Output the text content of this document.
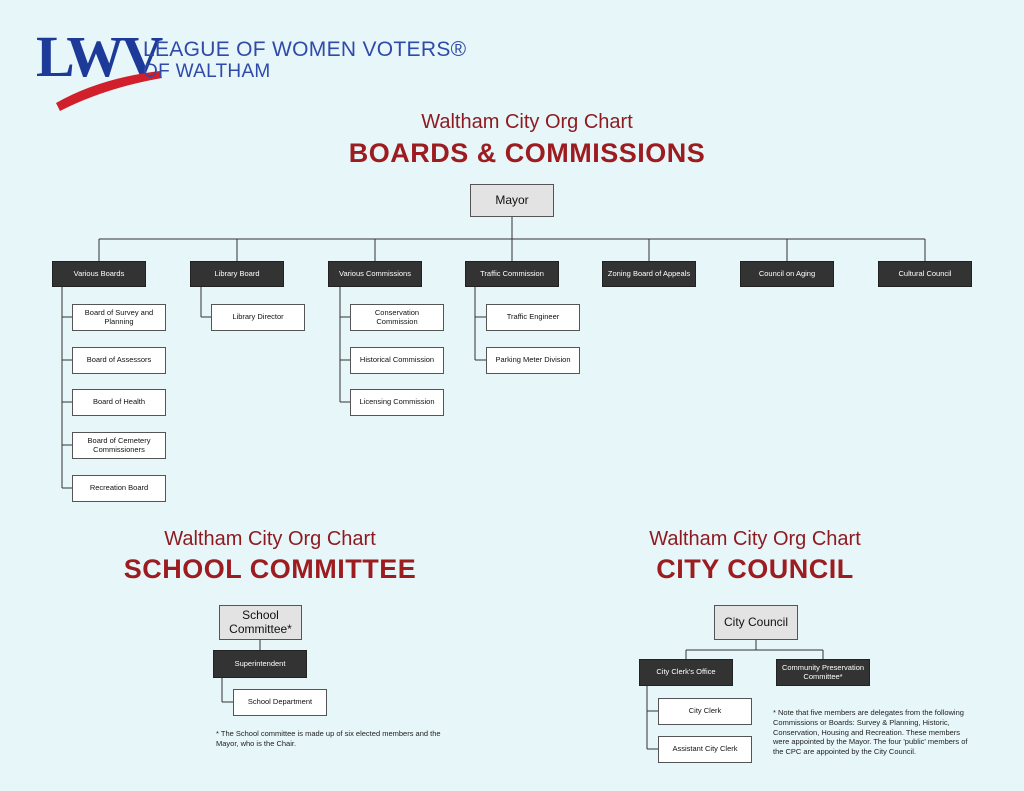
LWV
LEAGUE OF WOMEN VOTERS®
OF WALTHAM
Waltham City Org Chart
BOARDS & COMMISSIONS
Mayor
Various Boards	Library Board	Various Commissions	Traffic Commission	Zoning Board of Appeals	Council on Aging	Cultural Council
Board of Survey and Planning
Board of Assessors
Board of Health
Board of Cemetery Commissioners
Recreation Board
Library Director	Conservation Commission
Historical Commission
Licensing Commission
Traffic Engineer
Parking Meter Division
Waltham City Org Chart
SCHOOL COMMITTEE
School Committee*
Superintendent
School Department
* The School committee is made up of six elected members and the Mayor, who is the Chair.
Waltham City Org Chart
CITY COUNCIL
City Council
City Clerk's Office	Community Preservation Committee*
City Clerk
Assistant City Clerk
* Note that five members are delegates from the following Commissions or Boards: Survey & Planning, Historic, Conservation, Housing and Recreation. These members were appointed by the Mayor. The four 'public' members of the CPC are appointed by the City Council.
